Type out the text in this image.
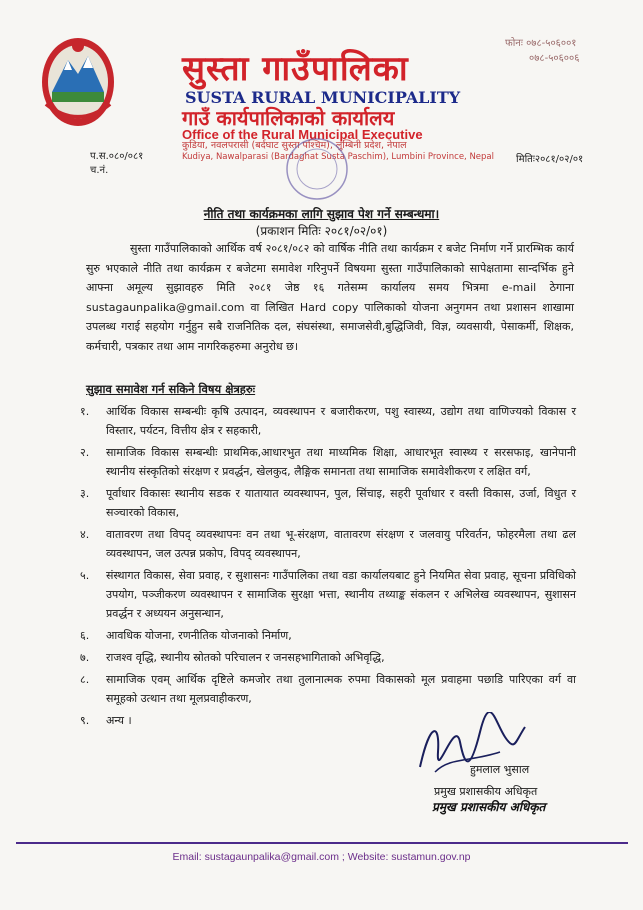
फोनः ०७८-५०६००१
०७८-५०६००६
सुस्ता गाउँपालिका
SUSTA RURAL MUNICIPALITY
गाउँ कार्यपालिकाको कार्यालय
Office of the Rural Municipal Executive
कुडिया, नवलपरासी (बर्दघाट सुस्ता पश्चिम), लुम्बिनी प्रदेश, नेपाल
Kudiya, Nawalparasi (Bardaghat Susta Paschim), Lumbini Province, Nepal
प.स.०८०/०८१
च.नं.
मितिः२०८१/०२/०१
नीति तथा कार्यक्रमका लागि सुझाव पेश गर्ने सम्बन्धमा।
(प्रकाशन मितिः २०८१/०२/०१)
सुस्ता गाउँपालिकाको आर्थिक वर्ष २०८१/०८२ को वार्षिक नीति तथा कार्यक्रम र बजेट निर्माण गर्ने प्रारम्भिक कार्य सुरु भएकाले नीति तथा कार्यक्रम र बजेटमा समावेश गरिनुपर्ने विषयमा सुस्ता गाउँपालिकाको सापेक्षतामा सान्दर्भिक हुने आफ्ना अमूल्य सुझावहरु मिति २०८१ जेष्ठ १६ गतेसम्म कार्यालय समय भित्रमा e-mail ठेगाना sustagaunpalika@gmail.com वा लिखित Hard copy पालिकाको योजना अनुगमन तथा प्रशासन शाखामा उपलब्ध गराई सहयोग गर्नुहुन सबै राजनितिक दल, संघसंस्था, समाजसेवी,बुद्धिजिवी, विज्ञ, व्यवसायी, पेसाकर्मी, शिक्षक, कर्मचारी, पत्रकार तथा आम नागरिकहरुमा अनुरोध छ।
सुझाव समावेश गर्न सकिने विषय क्षेत्रहरुः
१.	आर्थिक विकास सम्बन्धीः कृषि उत्पादन, व्यवस्थापन र बजारीकरण, पशु स्वास्थ्य, उद्योग तथा वाणिज्यको विकास र विस्तार, पर्यटन, वित्तीय क्षेत्र र सहकारी,
२.	सामाजिक विकास सम्बन्धीः प्राथमिक,आधारभुत तथा माध्यमिक शिक्षा, आधारभूत स्वास्थ्य र सरसफाइ, खानेपानी स्थानीय संस्कृतिको संरक्षण र प्रवर्द्धन, खेलकुद, लैङ्गिक समानता तथा सामाजिक समावेशीकरण र लक्षित वर्ग,
३.	पूर्वाधार विकासः स्थानीय सडक र यातायात व्यवस्थापन, पुल, सिंचाइ, सहरी पूर्वाधार र वस्ती विकास, उर्जा, विधुत र सञ्चारको विकास,
४.	वातावरण तथा विपद् व्यवस्थापनः वन तथा भू-संरक्षण, वातावरण संरक्षण र जलवायु परिवर्तन, फोहरमैला तथा ढल व्यवस्थापन, जल उत्पन्न प्रकोप, विपद् व्यवस्थापन,
५.	संस्थागत विकास, सेवा प्रवाह, र सुशासनः गाउँपालिका तथा वडा कार्यालयबाट हुने नियमित सेवा प्रवाह, सूचना प्रविधिको उपयोग, पञ्जीकरण व्यवस्थापन र सामाजिक सुरक्षा भत्ता, स्थानीय तथ्याङ्क संकलन र अभिलेख व्यवस्थापन, सुशासन प्रवर्द्धन र अध्ययन अनुसन्धान,
६.	आवधिक योजना, रणनीतिक योजनाको निर्माण,
७.	राजश्व वृद्धि, स्थानीय स्रोतको परिचालन र जनसहभागिताको अभिवृद्धि,
८.	सामाजिक एवम् आर्थिक दृष्टिले कमजोर तथा तुलानात्मक रुपमा विकासको मूल प्रवाहमा पछाडि पारिएका वर्ग वा समूहको उत्थान तथा मूलप्रवाहीकरण,
९.	अन्य ।
हुमलाल भुसाल
प्रमुख प्रशासकीय अधिकृत
प्रमुख प्रशासकीय अधिकृत
Email: sustagaunpalika@gmail.com ; Website: sustamun.gov.np
